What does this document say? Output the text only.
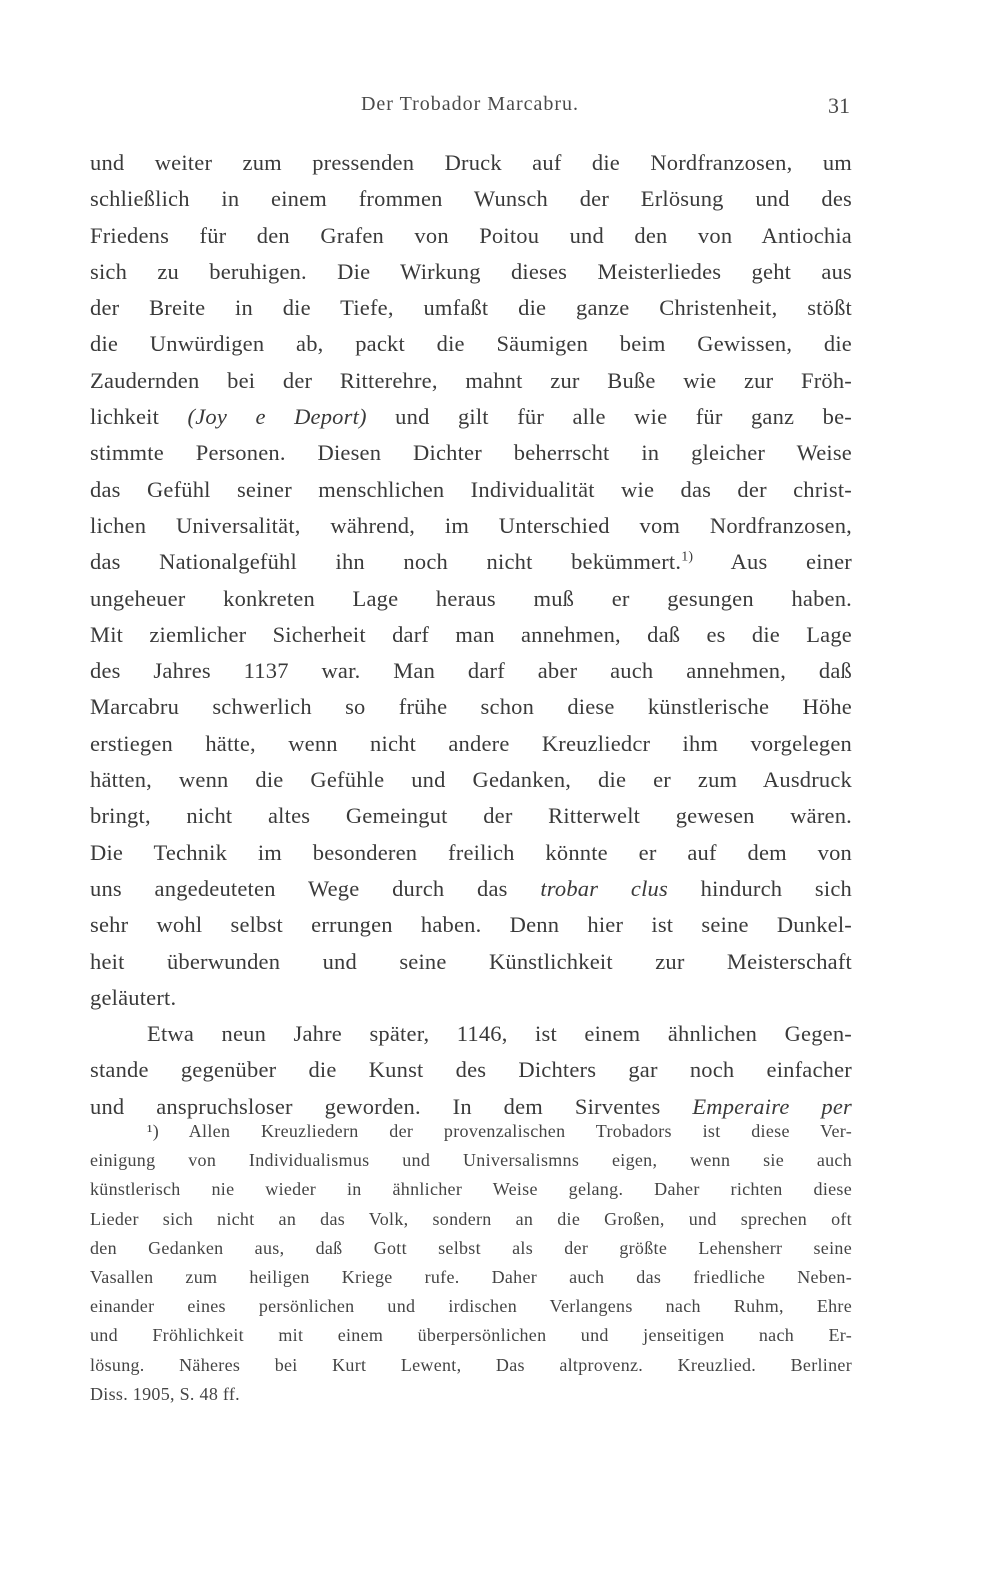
Der Trobador Marcabru.	31
und weiter zum pressenden Druck auf die Nordfranzosen, um
schließlich in einem frommen Wunsch der Erlösung und des
Friedens für den Grafen von Poitou und den von Antiochia
sich zu beruhigen. Die Wirkung dieses Meisterliedes geht aus
der Breite in die Tiefe, umfaßt die ganze Christenheit, stößt
die Unwürdigen ab, packt die Säumigen beim Gewissen, die
Zaudernden bei der Ritterehre, mahnt zur Buße wie zur Fröh-
lichkeit (Joy e Deport) und gilt für alle wie für ganz be-
stimmte Personen. Diesen Dichter beherrscht in gleicher Weise
das Gefühl seiner menschlichen Individualität wie das der christ-
lichen Universalität, während, im Unterschied vom Nordfranzosen,
das Nationalgefühl ihn noch nicht bekümmert.$^{1)}$ Aus einer
ungeheuer konkreten Lage heraus muß er gesungen haben.
Mit ziemlicher Sicherheit darf man annehmen, daß es die Lage
des Jahres 1137 war. Man darf aber auch annehmen, daß
Marcabru schwerlich so frühe schon diese künstlerische Höhe
erstiegen hätte, wenn nicht andere Kreuzliedcr ihm vorgelegen
hätten, wenn die Gefühle und Gedanken, die er zum Ausdruck
bringt, nicht altes Gemeingut der Ritterwelt gewesen wären.
Die Technik im besonderen freilich könnte er auf dem von
uns angedeuteten Wege durch das trobar clus hindurch sich
sehr wohl selbst errungen haben. Denn hier ist seine Dunkel-
heit überwunden und seine Künstlichkeit zur Meisterschaft
geläutert.
Etwa neun Jahre später, 1146, ist einem ähnlichen Gegen-
stande gegenüber die Kunst des Dichters gar noch einfacher
und anspruchsloser geworden. In dem Sirventes Emperaire per
¹) Allen Kreuzliedern der provenzalischen Trobadors ist diese Ver-
einigung von Individualismus und Universalismns eigen, wenn sie auch
künstlerisch nie wieder in ähnlicher Weise gelang. Daher richten diese
Lieder sich nicht an das Volk, sondern an die Großen, und sprechen oft
den Gedanken aus, daß Gott selbst als der größte Lehensherr seine
Vasallen zum heiligen Kriege rufe. Daher auch das friedliche Neben-
einander eines persönlichen und irdischen Verlangens nach Ruhm, Ehre
und Fröhlichkeit mit einem überpersönlichen und jenseitigen nach Er-
lösung. Näheres bei Kurt Lewent, Das altprovenz. Kreuzlied. Berliner
Diss. 1905, S. 48 ff.
